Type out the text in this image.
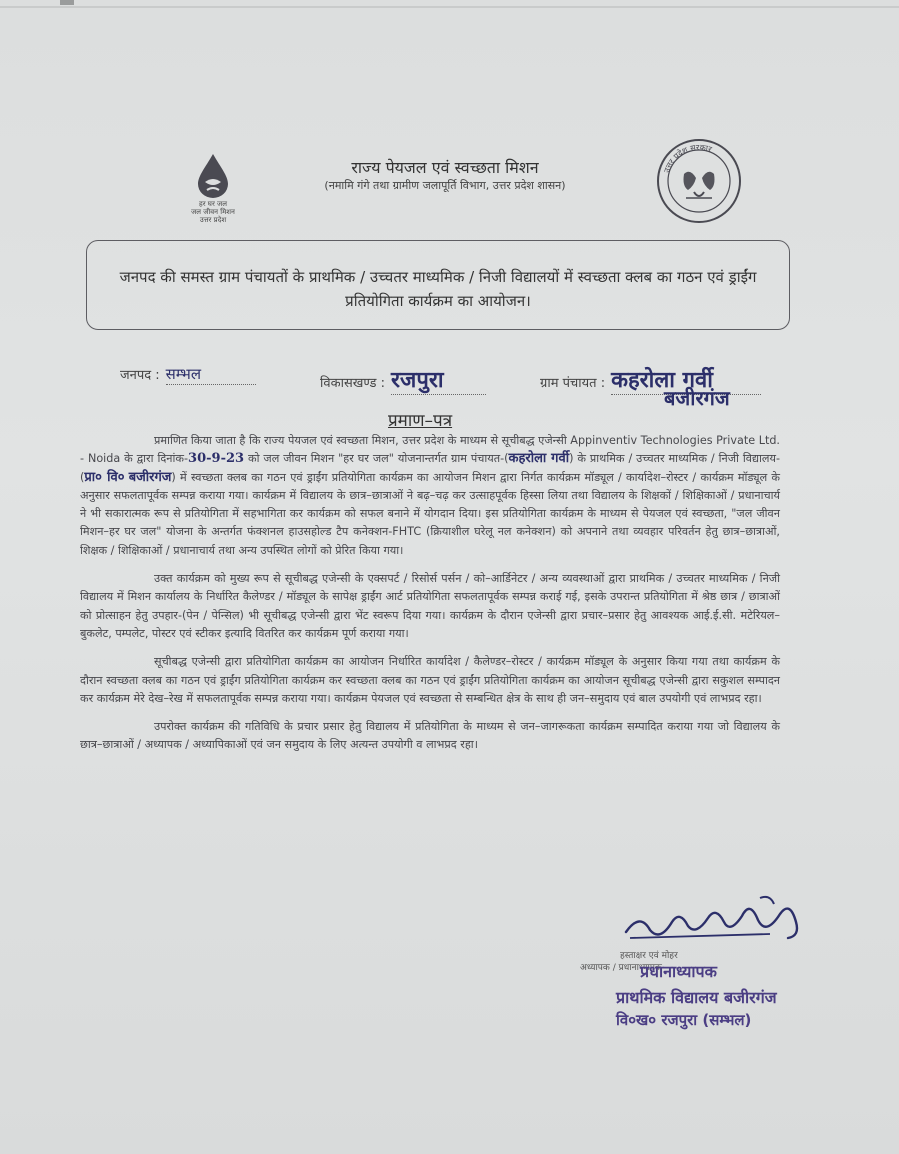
हर घर जल
जल जीवन मिशन
उत्तर प्रदेश
राज्य पेयजल एवं स्वच्छता मिशन
(नमामि गंगे तथा ग्रामीण जलापूर्ति विभाग, उत्तर प्रदेश शासन)
उत्तर प्रदेश सरकार
जनपद की समस्त ग्राम पंचायतों के प्राथमिक / उच्चतर माध्यमिक / निजी विद्यालयों में स्वच्छता क्लब का गठन एवं ड्राईंग प्रतियोगिता कार्यक्रम का आयोजन।
जनपद : सम्भल
विकासखण्ड : रजपुरा	ग्राम पंचायत : कहरोला गर्वी
बजीरगंज
प्रमाण–पत्र

प्रमाणित किया जाता है कि राज्य पेयजल एवं स्वच्छता मिशन, उत्तर प्रदेश के माध्यम से सूचीबद्ध एजेन्सी Appinventiv Technologies Private Ltd. - Noida के द्वारा दिनांक-30-9-23 को जल जीवन मिशन "हर घर जल" योजनान्तर्गत ग्राम पंचायत-(कहरोला गर्वी) के प्राथमिक / उच्चतर माध्यमिक / निजी विद्यालय-(प्रा० वि० बजीरगंज) में स्वच्छता क्लब का गठन एवं ड्राईंग प्रतियोगिता कार्यक्रम का आयोजन मिशन द्वारा निर्गत कार्यक्रम मॉड्यूल / कार्यादेश–रोस्टर / कार्यक्रम मॉड्यूल के अनुसार सफलतापूर्वक सम्पन्न कराया गया। कार्यक्रम में विद्यालय के छात्र–छात्राओं ने बढ़–चढ़ कर उत्साहपूर्वक हिस्सा लिया तथा विद्यालय के शिक्षकों / शिक्षिकाओं / प्रधानाचार्य ने भी सकारात्मक रूप से प्रतियोगिता में सहभागिता कर कार्यक्रम को सफल बनाने में योगदान दिया। इस प्रतियोगिता कार्यक्रम के माध्यम से पेयजल एवं स्वच्छता, "जल जीवन मिशन–हर घर जल" योजना के अन्तर्गत फंक्शनल हाउसहोल्ड टैप कनेक्शन-FHTC (क्रियाशील घरेलू नल कनेक्शन) को अपनाने तथा व्यवहार परिवर्तन हेतु छात्र–छात्राओं, शिक्षक / शिक्षिकाओं / प्रधानाचार्य तथा अन्य उपस्थित लोगों को प्रेरित किया गया।

उक्त कार्यक्रम को मुख्य रूप से सूचीबद्ध एजेन्सी के एक्सपर्ट / रिसोर्स पर्सन / को–आर्डिनेटर / अन्य व्यवस्थाओं द्वारा प्राथमिक / उच्चतर माध्यमिक / निजी विद्यालय में मिशन कार्यालय के निर्धारित कैलेण्डर / मॉड्यूल के सापेक्ष ड्राईंग आर्ट प्रतियोगिता सफलतापूर्वक सम्पन्न कराई गई, इसके उपरान्त प्रतियोगिता में श्रेष्ठ छात्र / छात्राओं को प्रोत्साहन हेतु उपहार-(पेन / पेन्सिल) भी सूचीबद्ध एजेन्सी द्वारा भेंट स्वरूप दिया गया। कार्यक्रम के दौरान एजेन्सी द्वारा प्रचार–प्रसार हेतु आवश्यक आई.ई.सी. मटेरियल–बुकलेट, पम्पलेट, पोस्टर एवं स्टीकर इत्यादि वितरित कर कार्यक्रम पूर्ण कराया गया।

सूचीबद्ध एजेन्सी द्वारा प्रतियोगिता कार्यक्रम का आयोजन निर्धारित कार्यादेश / कैलेण्डर–रोस्टर / कार्यक्रम मॉड्यूल के अनुसार किया गया तथा कार्यक्रम के दौरान स्वच्छता क्लब का गठन एवं ड्राईंग प्रतियोगिता कार्यक्रम कर स्वच्छता क्लब का गठन एवं ड्राईंग प्रतियोगिता कार्यक्रम का आयोजन सूचीबद्ध एजेन्सी द्वारा सकुशल सम्पादन कर कार्यक्रम मेरे देख–रेख में सफलतापूर्वक सम्पन्न कराया गया। कार्यक्रम पेयजल एवं स्वच्छता से सम्बन्धित क्षेत्र के साथ ही जन–समुदाय एवं बाल उपयोगी एवं लाभप्रद रहा।

उपरोक्त कार्यक्रम की गतिविधि के प्रचार प्रसार हेतु विद्यालय में प्रतियोगिता के माध्यम से जन–जागरूकता कार्यक्रम सम्पादित कराया गया जो विद्यालय के छात्र–छात्राओं / अध्यापक / अध्यापिकाओं एवं जन समुदाय के लिए अत्यन्त उपयोगी व लाभप्रद रहा।

हस्ताक्षर एवं मोहर
अध्यापक / प्रधानाध्यापक
प्रधानाध्यापक
प्राथमिक विद्यालय बजीरगंज
वि०ख० रजपुरा (सम्भल)
